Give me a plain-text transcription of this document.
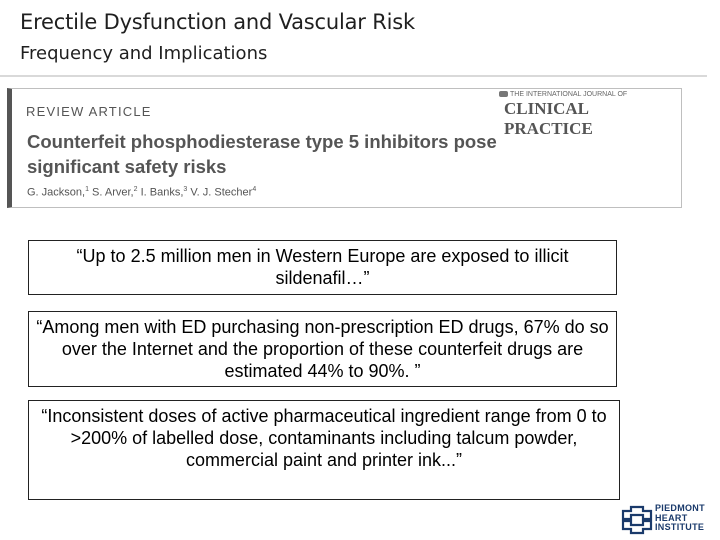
Erectile Dysfunction and Vascular Risk
Frequency and Implications
REVIEW ARTICLE
THE INTERNATIONAL JOURNAL OF
CLINICAL PRACTICE
Counterfeit phosphodiesterase type 5 inhibitors pose significant safety risks
G. Jackson,$^1$ S. Arver,$^2$ I. Banks,$^3$ V. J. Stecher$^4$
“Up to 2.5 million men in Western Europe are exposed to illicit sildenafil…”
“Among men with ED purchasing non-prescription ED drugs, 67% do so over the Internet and the proportion of these counterfeit drugs are estimated 44% to 90%. ”
“Inconsistent doses of active pharmaceutical ingredient range from 0 to >200% of labelled dose, contaminants including talcum powder, commercial paint and printer ink...”
PIEDMONT
HEART
INSTITUTE
